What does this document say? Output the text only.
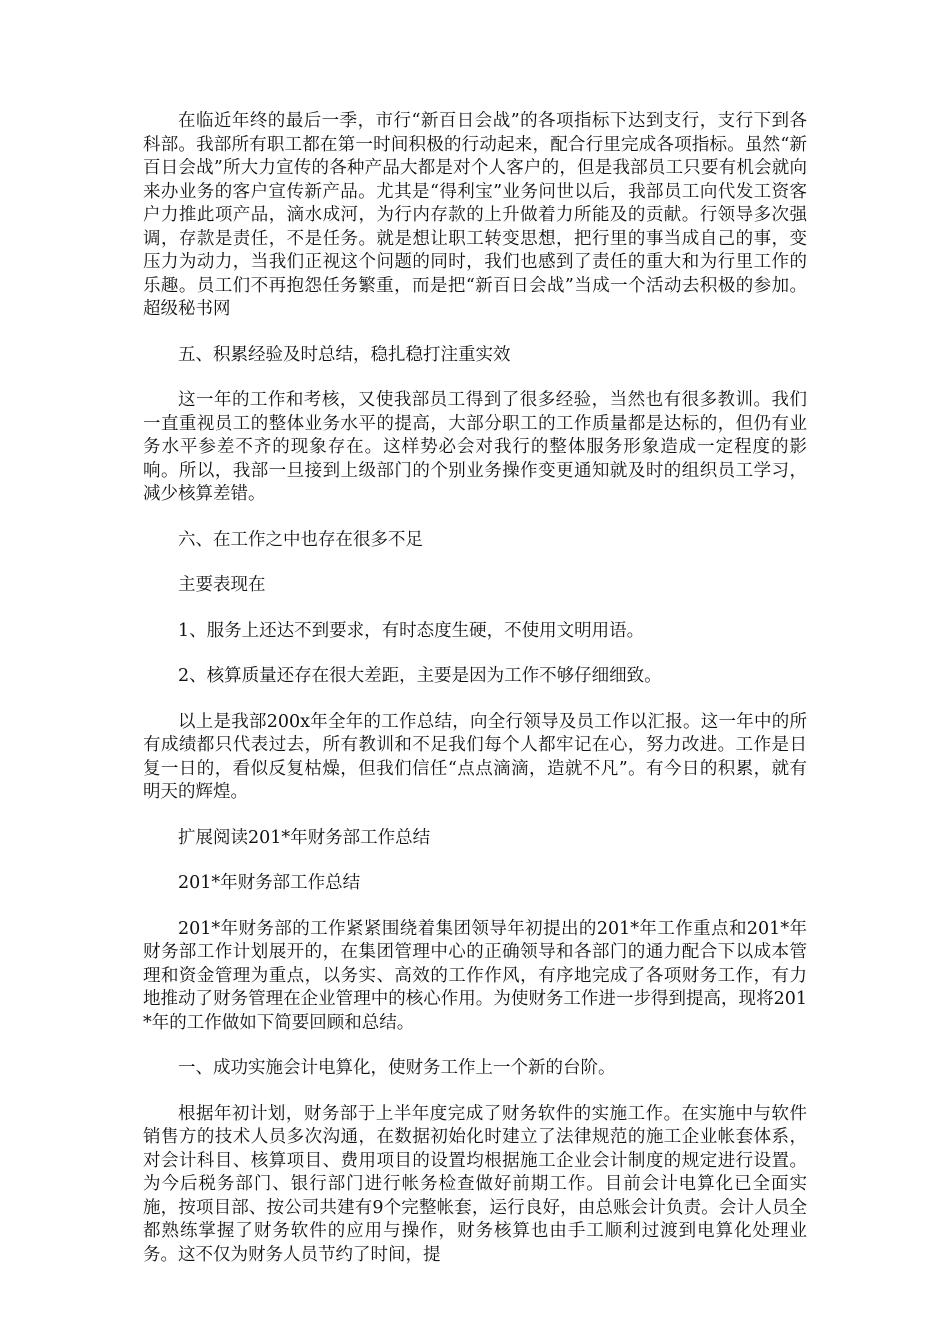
在临近年终的最后一季，市行“新百日会战”的各项指标下达到支行，支行下到各科部。我部所有职工都在第一时间积极的行动起来，配合行里完成各项指标。虽然“新百日会战”所大力宣传的各种产品大都是对个人客户的，但是我部员工只要有机会就向来办业务的客户宣传新产品。尤其是“得利宝”业务问世以后，我部员工向代发工资客户力推此项产品，滴水成河，为行内存款的上升做着力所能及的贡献。行领导多次强调，存款是责任，不是任务。就是想让职工转变思想，把行里的事当成自己的事，变压力为动力，当我们正视这个问题的同时，我们也感到了责任的重大和为行里工作的乐趣。员工们不再抱怨任务繁重，而是把“新百日会战”当成一个活动去积极的参加。超级秘书网

五、积累经验及时总结，稳扎稳打注重实效

这一年的工作和考核，又使我部员工得到了很多经验，当然也有很多教训。我们一直重视员工的整体业务水平的提高，大部分职工的工作质量都是达标的，但仍有业务水平参差不齐的现象存在。这样势必会对我行的整体服务形象造成一定程度的影响。所以，我部一旦接到上级部门的个别业务操作变更通知就及时的组织员工学习，减少核算差错。

六、在工作之中也存在很多不足

主要表现在

1、服务上还达不到要求，有时态度生硬，不使用文明用语。

2、核算质量还存在很大差距，主要是因为工作不够仔细细致。

以上是我部200x年全年的工作总结，向全行领导及员工作以汇报。这一年中的所有成绩都只代表过去，所有教训和不足我们每个人都牢记在心，努力改进。工作是日复一日的，看似反复枯燥，但我们信任“点点滴滴，造就不凡”。有今日的积累，就有明天的辉煌。

扩展阅读201*年财务部工作总结

201*年财务部工作总结

201*年财务部的工作紧紧围绕着集团领导年初提出的201*年工作重点和201*年财务部工作计划展开的，在集团管理中心的正确领导和各部门的通力配合下以成本管理和资金管理为重点，以务实、高效的工作作风，有序地完成了各项财务工作，有力地推动了财务管理在企业管理中的核心作用。为使财务工作进一步得到提高，现将201*年的工作做如下简要回顾和总结。

一、成功实施会计电算化，使财务工作上一个新的台阶。

根据年初计划，财务部于上半年度完成了财务软件的实施工作。在实施中与软件销售方的技术人员多次沟通，在数据初始化时建立了法律规范的施工企业帐套体系，对会计科目、核算项目、费用项目的设置均根据施工企业会计制度的规定进行设置。为今后税务部门、银行部门进行帐务检查做好前期工作。目前会计电算化已全面实施，按项目部、按公司共建有9个完整帐套，运行良好，由总账会计负责。会计人员全都熟练掌握了财务软件的应用与操作，财务核算也由手工顺利过渡到电算化处理业务。这不仅为财务人员节约了时间，提
